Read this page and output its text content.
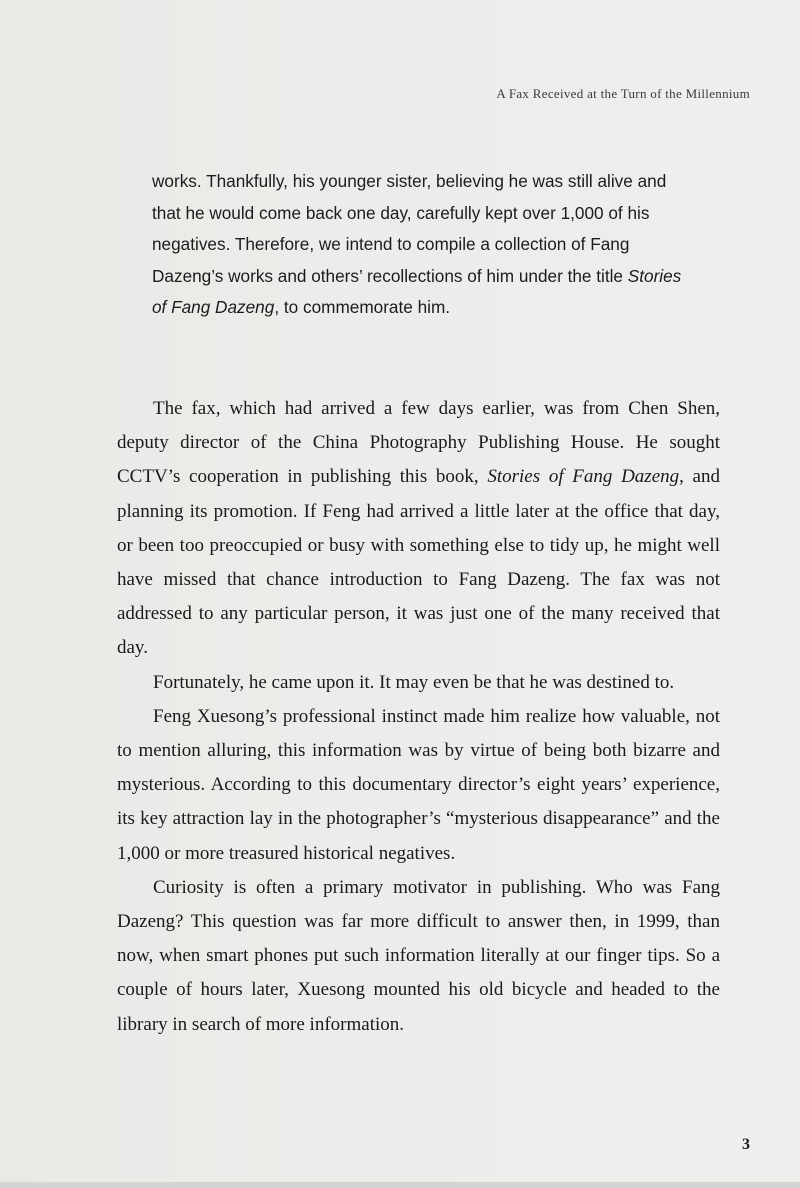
A Fax Received at the Turn of the Millennium

works. Thankfully, his younger sister, believing he was still alive and that he would come back one day, carefully kept over 1,000 of his negatives. Therefore, we intend to compile a collection of Fang Dazeng’s works and others’ recollections of him under the title Stories of Fang Dazeng, to commemorate him.

The fax, which had arrived a few days earlier, was from Chen Shen, deputy director of the China Photography Publishing House. He sought CCTV’s cooperation in publishing this book, Stories of Fang Dazeng, and planning its promotion. If Feng had arrived a little later at the office that day, or been too preoccupied or busy with something else to tidy up, he might well have missed that chance introduction to Fang Dazeng. The fax was not addressed to any particular person, it was just one of the many received that day.

Fortunately, he came upon it. It may even be that he was destined to.

Feng Xuesong’s professional instinct made him realize how valuable, not to mention alluring, this information was by virtue of being both bizarre and mysterious. According to this documentary director’s eight years’ experience, its key attraction lay in the photographer’s “mysterious disappearance” and the 1,000 or more treasured historical negatives.

Curiosity is often a primary motivator in publishing. Who was Fang Dazeng? This question was far more difficult to answer then, in 1999, than now, when smart phones put such information literally at our finger tips. So a couple of hours later, Xuesong mounted his old bicycle and headed to the library in search of more information.

3
